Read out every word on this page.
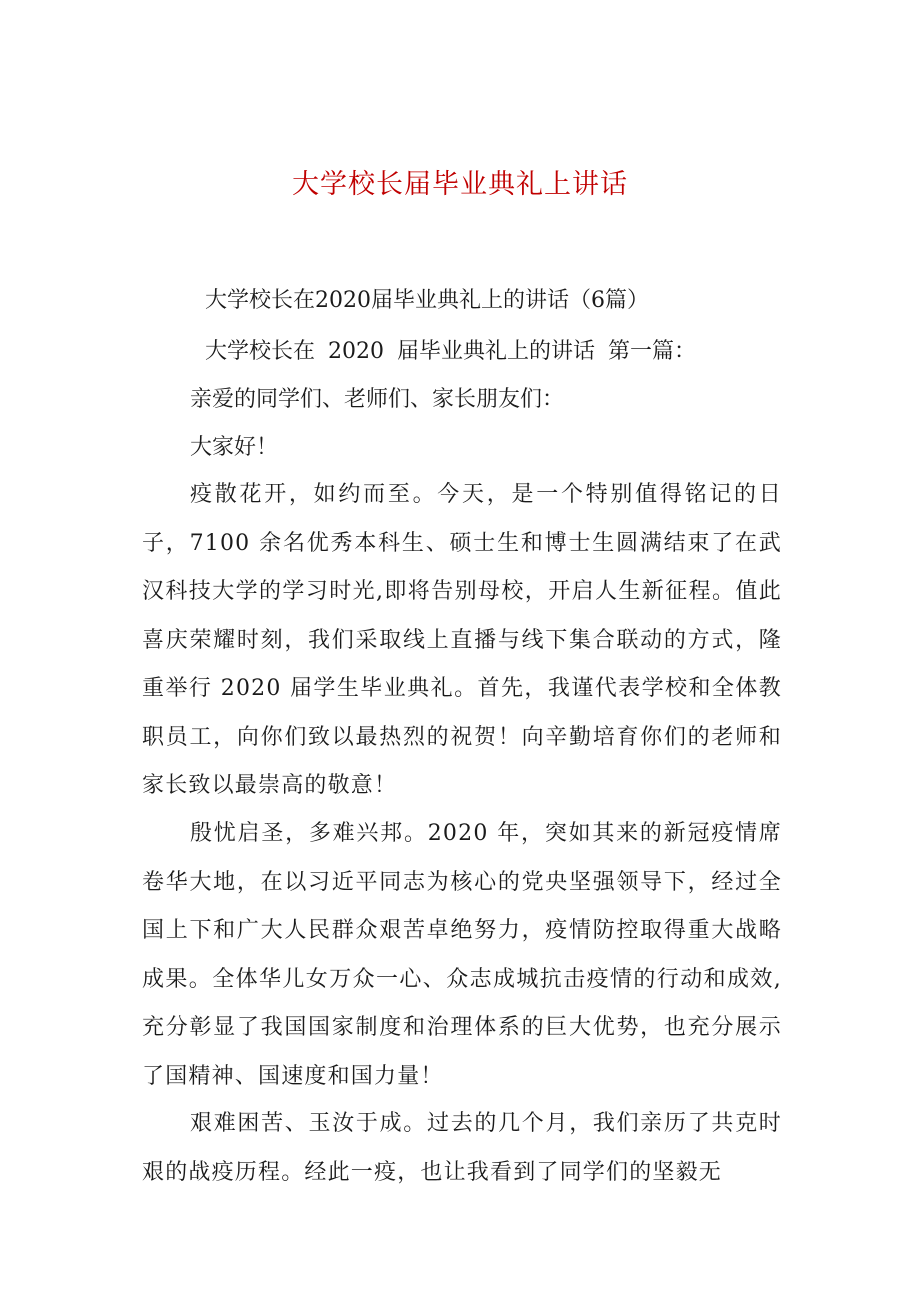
大学校长届毕业典礼上讲话

大学校长在2020届毕业典礼上的讲话（6篇）

大学校长在 2020 届毕业典礼上的讲话 第一篇：

亲爱的同学们、老师们、家长朋友们：

大家好！

疫散花开，如约而至。今天，是一个特别值得铭记的日子，7100 余名优秀本科生、硕士生和博士生圆满结束了在武汉科技大学的学习时光,即将告别母校，开启人生新征程。值此喜庆荣耀时刻，我们采取线上直播与线下集合联动的方式，隆重举行 2020 届学生毕业典礼。首先，我谨代表学校和全体教职员工，向你们致以最热烈的祝贺！向辛勤培育你们的老师和家长致以最崇高的敬意！

殷忧启圣，多难兴邦。2020 年，突如其来的新冠疫情席卷华大地，在以习近平同志为核心的党央坚强领导下，经过全国上下和广大人民群众艰苦卓绝努力，疫情防控取得重大战略成果。全体华儿女万众一心、众志成城抗击疫情的行动和成效,充分彰显了我国国家制度和治理体系的巨大优势，也充分展示了国精神、国速度和国力量！

艰难困苦、玉汝于成。过去的几个月，我们亲历了共克时艰的战疫历程。经此一疫，也让我看到了同学们的坚毅无
